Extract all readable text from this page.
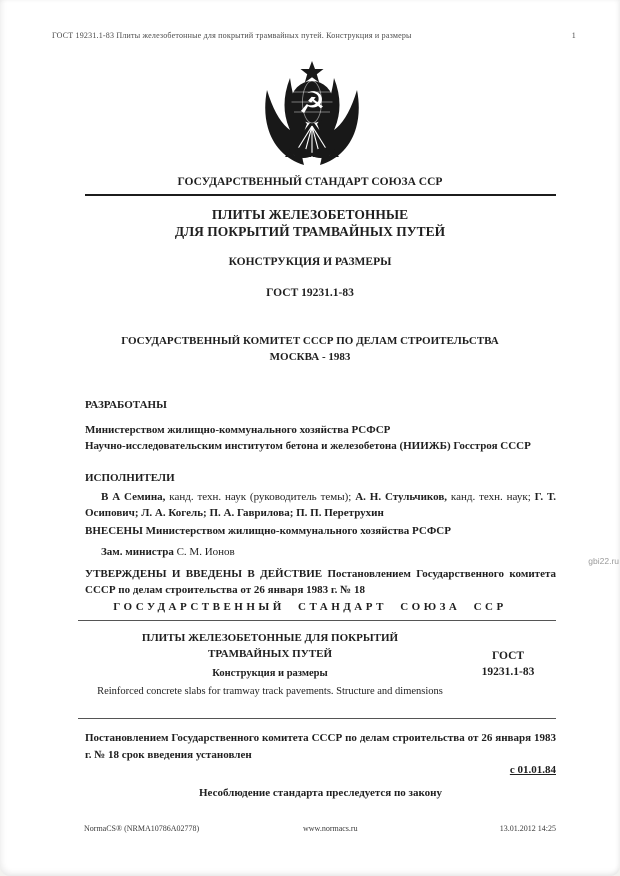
ГОСТ 19231.1-83 Плиты железобетонные для покрытий трамвайных путей. Конструкция и размеры	1
☭
ГОСУДАРСТВЕННЫЙ СТАНДАРТ СОЮЗА ССР
ПЛИТЫ ЖЕЛЕЗОБЕТОННЫЕ
ДЛЯ ПОКРЫТИЙ ТРАМВАЙНЫХ ПУТЕЙ
КОНСТРУКЦИЯ И РАЗМЕРЫ
ГОСТ 19231.1-83
ГОСУДАРСТВЕННЫЙ КОМИТЕТ СССР ПО ДЕЛАМ СТРОИТЕЛЬСТВА
МОСКВА - 1983
РАЗРАБОТАНЫ
Министерством жилищно-коммунального хозяйства РСФСР
Научно-исследовательским институтом бетона и железобетона (НИИЖБ) Госстроя СССР
ИСПОЛНИТЕЛИ

В А Семина, канд. техн. наук (руководитель темы); А. Н. Стульчиков, канд. техн. наук; Г. Т. Осипович; Л. А. Когель; П. А. Гаврилова; П. П. Перетрухин

ВНЕСЕНЫ Министерством жилищно-коммунального хозяйства РСФСР
Зам. министра С. М. Ионов
УТВЕРЖДЕНЫ И ВВЕДЕНЫ В ДЕЙСТВИЕ Постановлением Государственного комитета СССР по делам строительства от 26 января 1983 г. № 18
ГОСУДАРСТВЕННЫЙ СТАНДАРТ СОЮЗА ССР
ПЛИТЫ ЖЕЛЕЗОБЕТОННЫЕ ДЛЯ ПОКРЫТИЙ
ТРАМВАЙНЫХ ПУТЕЙ
Конструкция и размеры
Reinforced concrete slabs for tramway track pavements. Structure and dimensions
ГОСТ
19231.1-83
Постановлением Государственного комитета СССР по делам строительства от 26 января 1983 г. № 18 срок введения установлен
с 01.01.84
Несоблюдение стандарта преследуется по закону
NormaCS® (NRMA10786A02778)	www.normacs.ru	13.01.2012 14:25
gbi22.ru
